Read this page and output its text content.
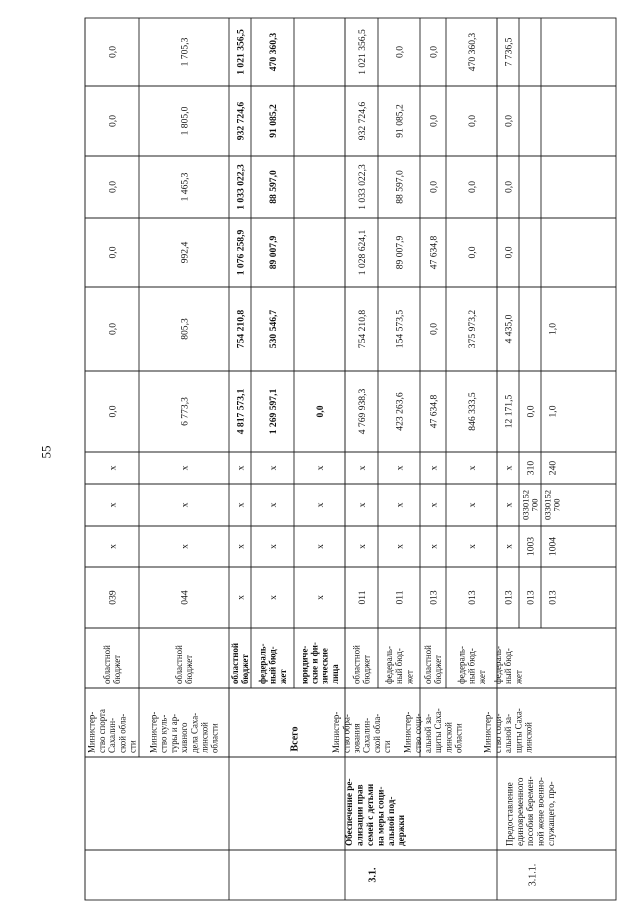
039
х
х
0,0
0,0
0,0
0,0
0,0
0,0
х
областнойбюджет
Министер-ство спортаСахалин-ской обла-сти
044
х
х
6 773,3
805,3
992,4
1 465,3
1 805,0
1 705,3
х
областнойбюджет
Министер-ство куль-туры и ар-хивногодела Саха-линскойобласти
х
х
х
4 817 573,1
754 210,8
1 076 258,9
1 033 022,3
932 724,6
1 021 356,5
х
областнойбюджет
х
х
х
1 269 597,1
530 546,7
89 007,9
88 597,0
91 085,2
470 360,3
х
федераль-ный бюд-жет
х
х
х
0,0
х
юридиче-ские и фи-зическиелица
011
х
х
4 769 938,3
754 210,8
1 028 624,1
1 033 022,3
932 724,6
1 021 356,5
х
областнойбюджет
Министер-ство обра-зованияСахалин-ской обла-сти
011
х
х
423 263,6
154 573,5
89 007,9
88 597,0
91 085,2
0,0
х
федераль-ный бюд-жет
013
х
х
47 634,8
0,0
47 634,8
0,0
0,0
0,0
х
областнойбюджет
Министер-ство соци-альной за-щиты Саха-линскойобласти
013
х
х
846 333,5
375 973,2
0,0
0,0
0,0
470 360,3
х
федераль-ный бюд-жет
013
х
х
12 171,5
4 435,0
0,0
0,0
0,0
7 736,5
х
федераль-ный бюд-жет
Министер-ство соци-альной за-щиты Саха-линской
013
1003
310
0,0
0330152700
013
1004
240
1,0
1,0
0330152700
Всего
3.1.
Обеспечение ре-ализации правсемей с детьмина меры соци-альной под-держки
3.1.1.
Предоставлениеединовременногопособия беремен-ной жене военно-служащего, про-
55
